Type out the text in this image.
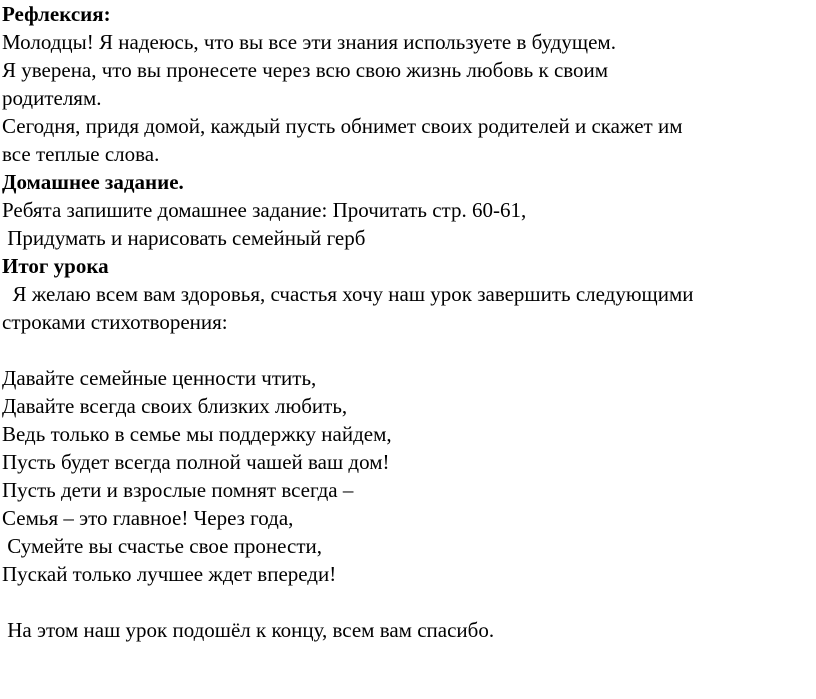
Рефлексия:
Молодцы! Я надеюсь, что вы все эти знания используете в будущем.
Я уверена, что вы пронесете через всю свою жизнь любовь к своим
родителям.
Сегодня, придя домой, каждый пусть обнимет своих родителей и скажет им
все теплые слова.
Домашнее задание.
Ребята запишите домашнее задание: Прочитать стр. 60-61,
Придумать и нарисовать семейный герб
Итог урока
Я желаю всем вам здоровья, счастья хочу наш урок завершить следующими
строками стихотворения:
Давайте семейные ценности чтить,
Давайте всегда своих близких любить,
Ведь только в семье мы поддержку найдем,
Пусть будет всегда полной чашей ваш дом!
Пусть дети и взрослые помнят всегда –
Семья – это главное! Через года,
Сумейте вы счастье свое пронести,
Пускай только лучшее ждет впереди!
На этом наш урок подошёл к концу, всем вам спасибо.
